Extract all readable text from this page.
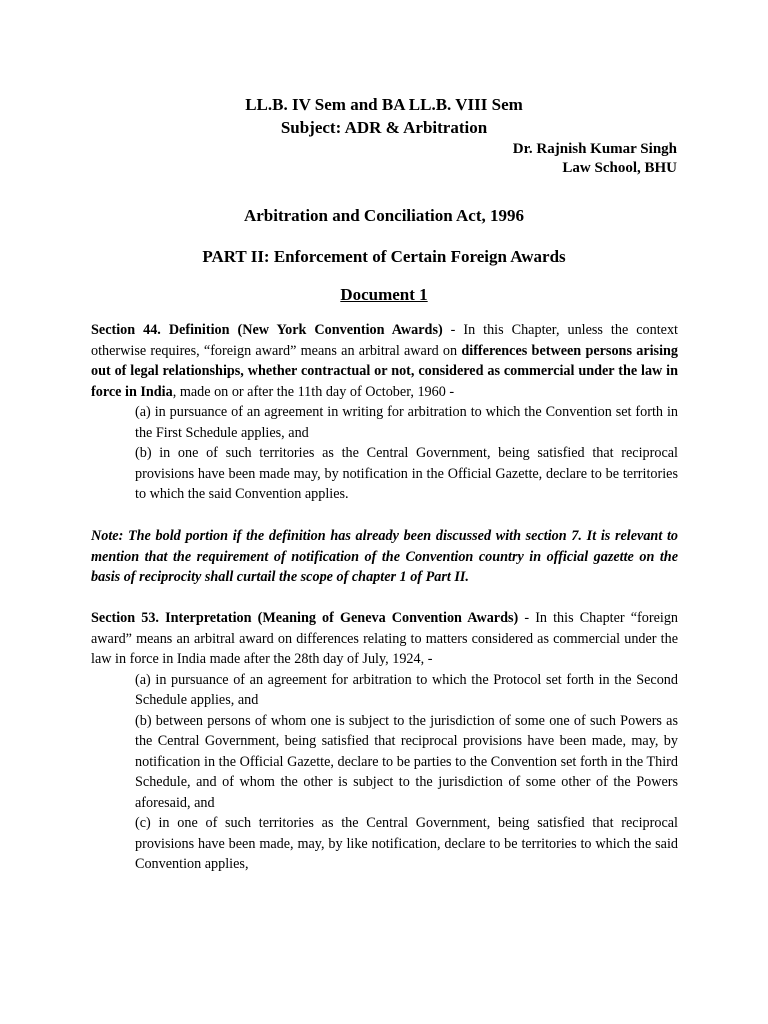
LL.B. IV Sem and BA LL.B. VIII Sem
Subject: ADR & Arbitration
Dr. Rajnish Kumar Singh
Law School, BHU
Arbitration and Conciliation Act, 1996
PART II: Enforcement of Certain Foreign Awards
Document 1

Section 44. Definition (New York Convention Awards) - In this Chapter, unless the context otherwise requires, “foreign award” means an arbitral award on differences between persons arising out of legal relationships, whether contractual or not, considered as commercial under the law in force in India, made on or after the 11th day of October, 1960 -

(a) in pursuance of an agreement in writing for arbitration to which the Convention set forth in the First Schedule applies, and

(b) in one of such territories as the Central Government, being satisfied that reciprocal provisions have been made may, by notification in the Official Gazette, declare to be territories to which the said Convention applies.

Note: The bold portion if the definition has already been discussed with section 7. It is relevant to mention that the requirement of notification of the Convention country in official gazette on the basis of reciprocity shall curtail the scope of chapter 1 of Part II.

Section 53. Interpretation (Meaning of Geneva Convention Awards) - In this Chapter “foreign award” means an arbitral award on differences relating to matters considered as commercial under the law in force in India made after the 28th day of July, 1924, -

(a) in pursuance of an agreement for arbitration to which the Protocol set forth in the Second Schedule applies, and

(b) between persons of whom one is subject to the jurisdiction of some one of such Powers as the Central Government, being satisfied that reciprocal provisions have been made, may, by notification in the Official Gazette, declare to be parties to the Convention set forth in the Third Schedule, and of whom the other is subject to the jurisdiction of some other of the Powers aforesaid, and

(c) in one of such territories as the Central Government, being satisfied that reciprocal provisions have been made, may, by like notification, declare to be territories to which the said Convention applies,
